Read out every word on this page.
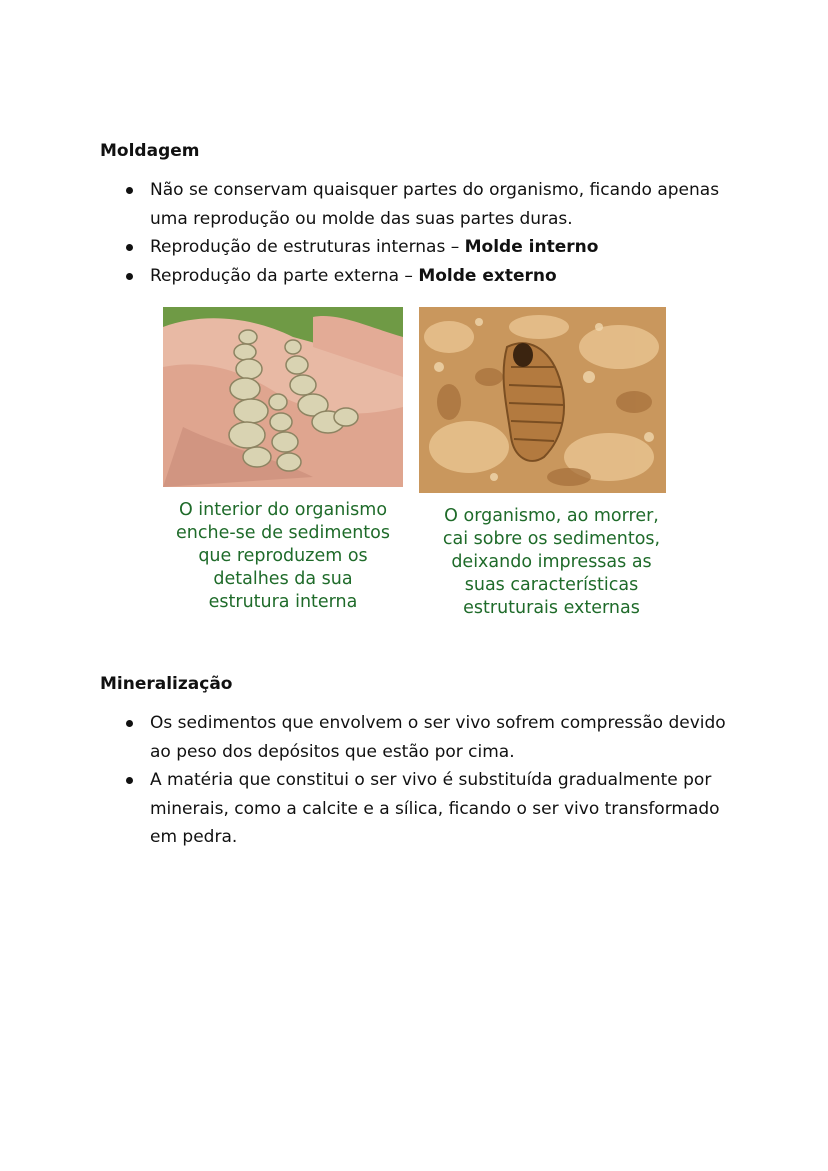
Moldagem
Não se conservam quaisquer partes do organismo, ficando apenas uma reprodução ou molde das suas partes duras.
Reprodução de estruturas internas – Molde interno
Reprodução da parte externa – Molde externo
O interior do organismo
enche-se de sedimentos
que reproduzem os
detalhes da sua
estrutura interna
O organismo, ao morrer,
cai sobre os sedimentos,
deixando impressas as
suas características
estruturais externas
Mineralização
Os sedimentos que envolvem o ser vivo sofrem compressão devido ao peso dos depósitos que estão por cima.
A matéria que constitui o ser vivo é substituída gradualmente por minerais, como a calcite e a sílica, ficando o ser vivo transformado em pedra.
